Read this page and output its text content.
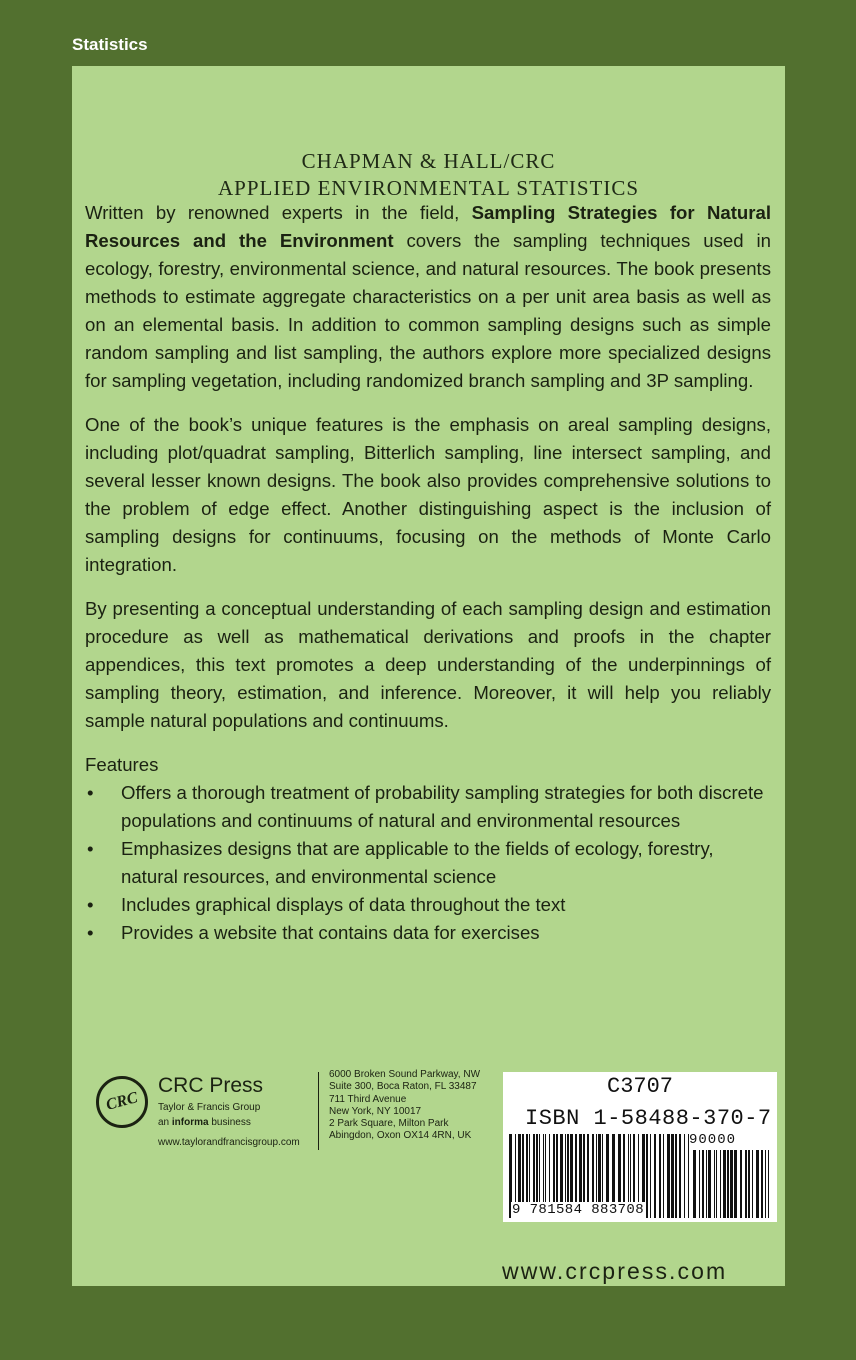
Statistics
CHAPMAN & HALL/CRC
APPLIED ENVIRONMENTAL STATISTICS

Written by renowned experts in the field, Sampling Strategies for Natural Resources and the Environment covers the sampling techniques used in ecology, forestry, environmental science, and natural resources. The book presents methods to estimate aggregate characteristics on a per unit area basis as well as on an elemental basis. In addition to common sampling designs such as simple random sampling and list sampling, the authors explore more specialized designs for sampling vegetation, including randomized branch sampling and 3P sampling.

One of the book’s unique features is the emphasis on areal sampling designs, including plot/quadrat sampling, Bitterlich sampling, line intersect sampling, and several lesser known designs. The book also provides comprehensive solutions to the problem of edge effect. Another distinguishing aspect is the inclusion of sampling designs for continuums, focusing on the methods of Monte Carlo integration.

By presenting a conceptual understanding of each sampling design and estimation procedure as well as mathematical derivations and proofs in the chapter appendices, this text promotes a deep understanding of the underpinnings of sampling theory, estimation, and inference. Moreover, it will help you reliably sample natural populations and continuums.

Features
•	Offers a thorough treatment of probability sampling strategies for both discrete populations and continuums of natural and environmental resources
•	Emphasizes designs that are applicable to the fields of ecology, forestry, natural resources, and environmental science
•	Includes graphical displays of data throughout the text
•	Provides a website that contains data for exercises
CRC
CRC Press
Taylor & Francis Group
an informa business
www.taylorandfrancisgroup.com
6000 Broken Sound Parkway, NW
Suite 300, Boca Raton, FL 33487
711 Third Avenue
New York, NY 10017
2 Park Square, Milton Park
Abingdon, Oxon OX14 4RN, UK
C3707
ISBN 1-58488-370-7
90000
9 781584 883708
www.crcpress.com
